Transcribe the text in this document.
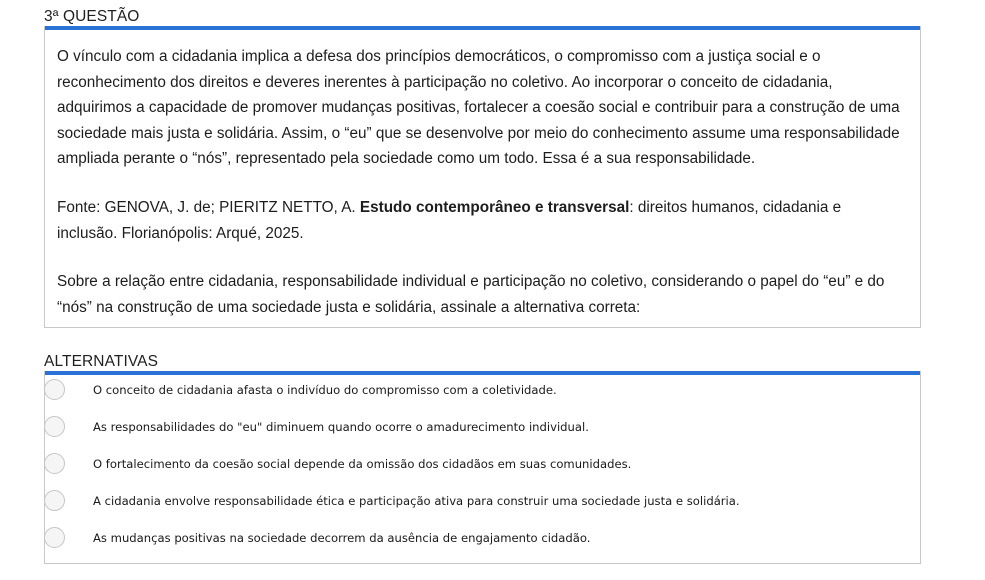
3ª QUESTÃO

O vínculo com a cidadania implica a defesa dos princípios democráticos, o compromisso com a justiça social e o reconhecimento dos direitos e deveres inerentes à participação no coletivo. Ao incorporar o conceito de cidadania, adquirimos a capacidade de promover mudanças positivas, fortalecer a coesão social e contribuir para a construção de uma sociedade mais justa e solidária. Assim, o “eu” que se desenvolve por meio do conhecimento assume uma responsabilidade ampliada perante o “nós”, representado pela sociedade como um todo. Essa é a sua responsabilidade.

Fonte: GENOVA, J. de; PIERITZ NETTO, A. Estudo contemporâneo e transversal: direitos humanos, cidadania e inclusão. Florianópolis: Arqué, 2025.

Sobre a relação entre cidadania, responsabilidade individual e participação no coletivo, considerando o papel do “eu” e do “nós” na construção de uma sociedade justa e solidária, assinale a alternativa correta:

ALTERNATIVAS
O conceito de cidadania afasta o indivíduo do compromisso com a coletividade.
As responsabilidades do "eu" diminuem quando ocorre o amadurecimento individual.
O fortalecimento da coesão social depende da omissão dos cidadãos em suas comunidades.
A cidadania envolve responsabilidade ética e participação ativa para construir uma sociedade justa e solidária.
As mudanças positivas na sociedade decorrem da ausência de engajamento cidadão.
